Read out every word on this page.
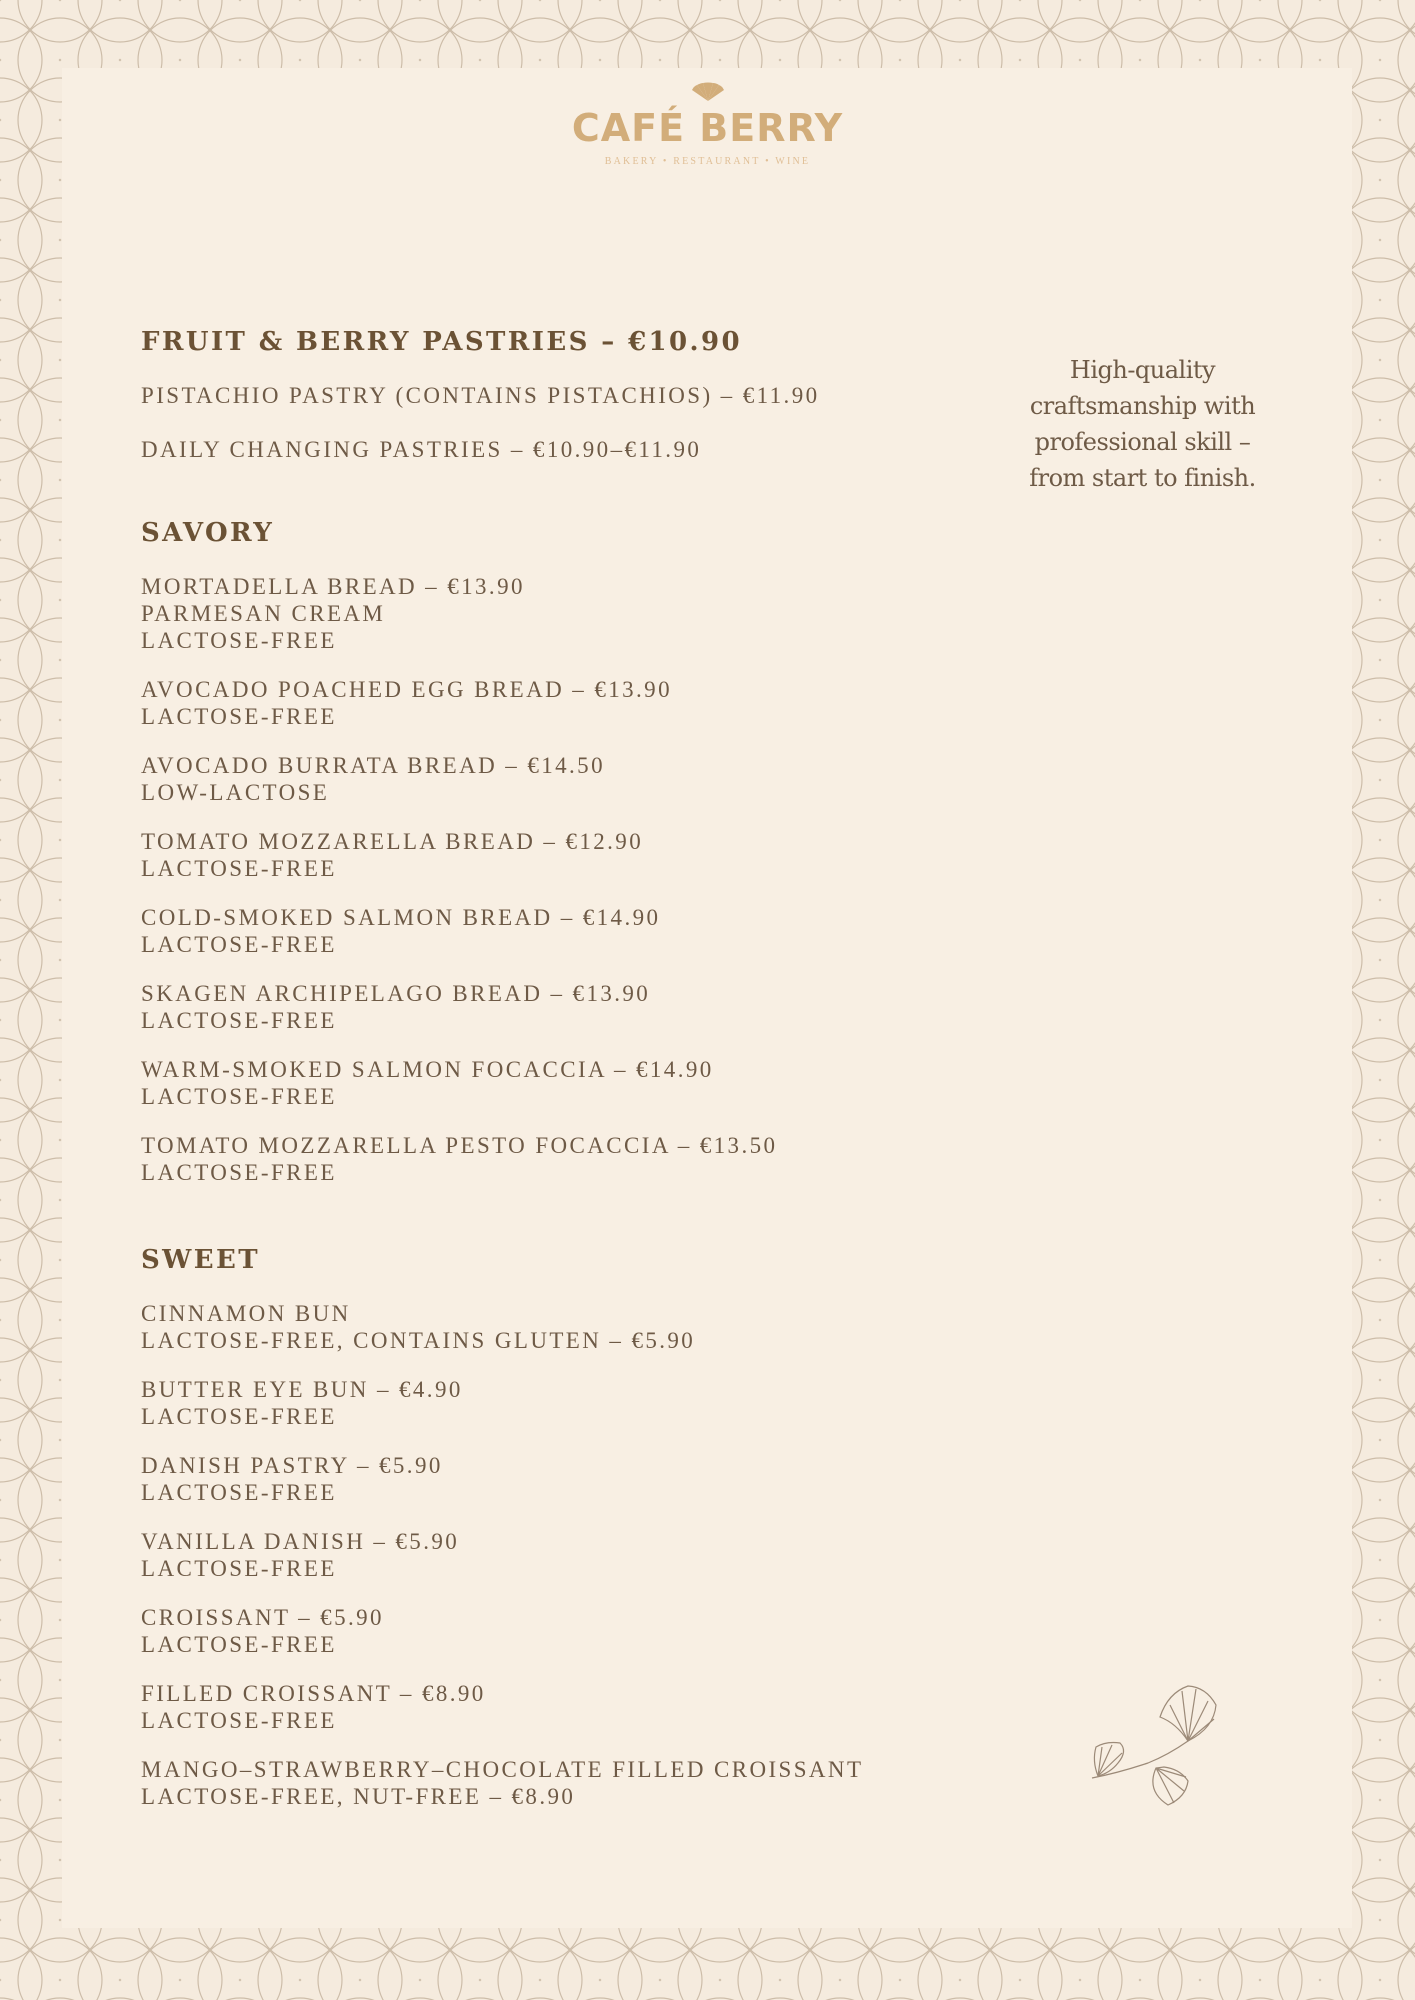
CAFÉ BERRY
BAKERY • RESTAURANT • WINE
FRUIT & BERRY PASTRIES – €10.90
PISTACHIO PASTRY (CONTAINS PISTACHIOS) – €11.90
DAILY CHANGING PASTRIES – €10.90–€11.90
SAVORY
MORTADELLA BREAD – €13.90
PARMESAN CREAM
LACTOSE-FREE
AVOCADO POACHED EGG BREAD – €13.90
LACTOSE-FREE
AVOCADO BURRATA BREAD – €14.50
LOW-LACTOSE
TOMATO MOZZARELLA BREAD – €12.90
LACTOSE-FREE
COLD-SMOKED SALMON BREAD – €14.90
LACTOSE-FREE
SKAGEN ARCHIPELAGO BREAD – €13.90
LACTOSE-FREE
WARM-SMOKED SALMON FOCACCIA – €14.90
LACTOSE-FREE
TOMATO MOZZARELLA PESTO FOCACCIA – €13.50
LACTOSE-FREE
SWEET
CINNAMON BUN
LACTOSE-FREE, CONTAINS GLUTEN – €5.90
BUTTER EYE BUN – €4.90
LACTOSE-FREE
DANISH PASTRY – €5.90
LACTOSE-FREE
VANILLA DANISH – €5.90
LACTOSE-FREE
CROISSANT – €5.90
LACTOSE-FREE
FILLED CROISSANT – €8.90
LACTOSE-FREE
MANGO–STRAWBERRY–CHOCOLATE FILLED CROISSANT
LACTOSE-FREE, NUT-FREE – €8.90
High-quality craftsmanship with professional skill – from start to finish.
